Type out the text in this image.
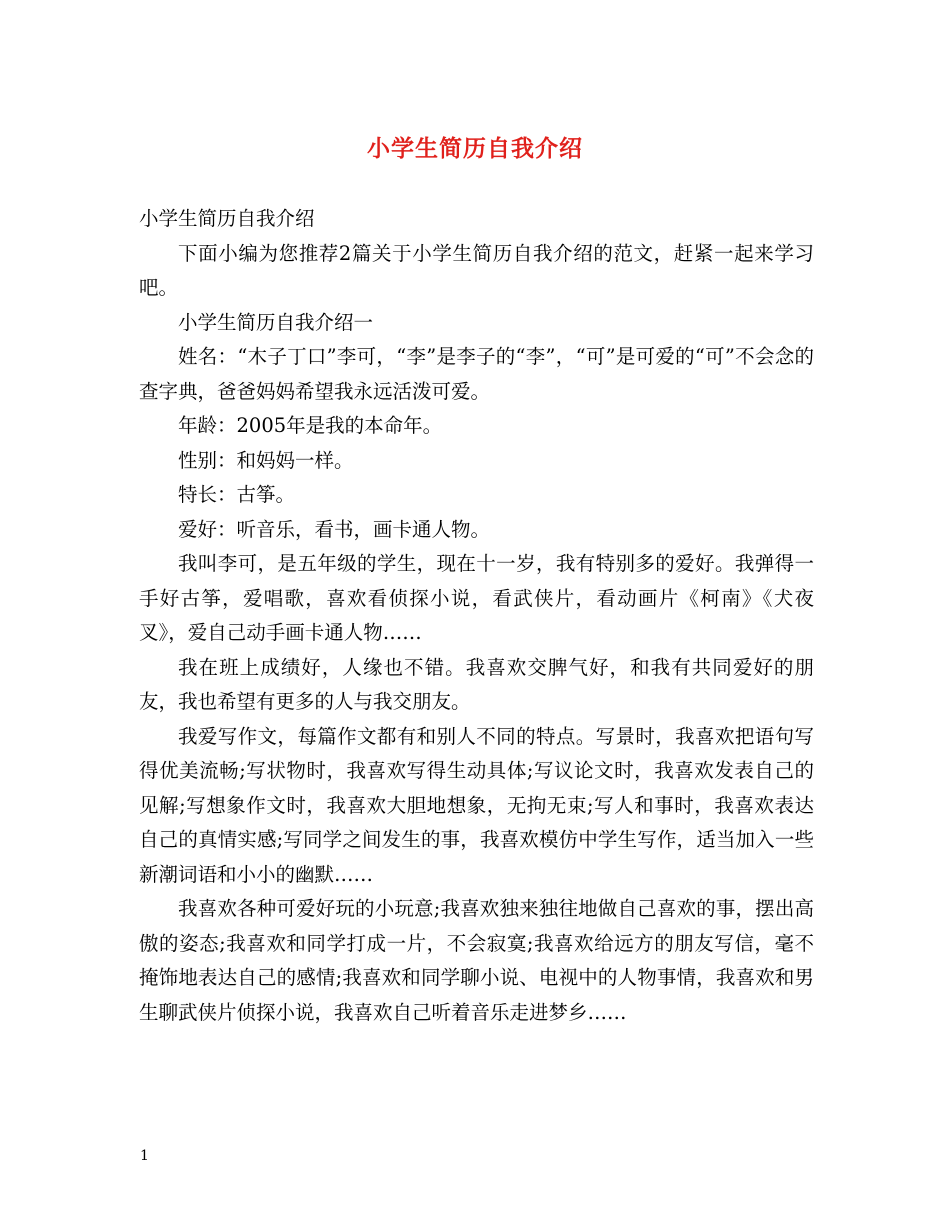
小学生简历自我介绍

小学生简历自我介绍

下面小编为您推荐2篇关于小学生简历自我介绍的范文，赶紧一起来学习吧。

小学生简历自我介绍一

姓名：“木子丁口”李可，“李”是李子的“李”，“可”是可爱的“可”不会念的查字典，爸爸妈妈希望我永远活泼可爱。

年龄：2005年是我的本命年。

性别：和妈妈一样。

特长：古筝。

爱好：听音乐，看书，画卡通人物。

我叫李可，是五年级的学生，现在十一岁，我有特别多的爱好。我弹得一手好古筝，爱唱歌，喜欢看侦探小说，看武侠片，看动画片《柯南》《犬夜叉》，爱自己动手画卡通人物……

我在班上成绩好，人缘也不错。我喜欢交脾气好，和我有共同爱好的朋友，我也希望有更多的人与我交朋友。

我爱写作文，每篇作文都有和别人不同的特点。写景时，我喜欢把语句写得优美流畅;写状物时，我喜欢写得生动具体;写议论文时，我喜欢发表自己的见解;写想象作文时，我喜欢大胆地想象，无拘无束;写人和事时，我喜欢表达自己的真情实感;写同学之间发生的事，我喜欢模仿中学生写作，适当加入一些新潮词语和小小的幽默……

我喜欢各种可爱好玩的小玩意;我喜欢独来独往地做自己喜欢的事，摆出高傲的姿态;我喜欢和同学打成一片，不会寂寞;我喜欢给远方的朋友写信，毫不掩饰地表达自己的感情;我喜欢和同学聊小说、电视中的人物事情，我喜欢和男生聊武侠片侦探小说，我喜欢自己听着音乐走进梦乡……

1
